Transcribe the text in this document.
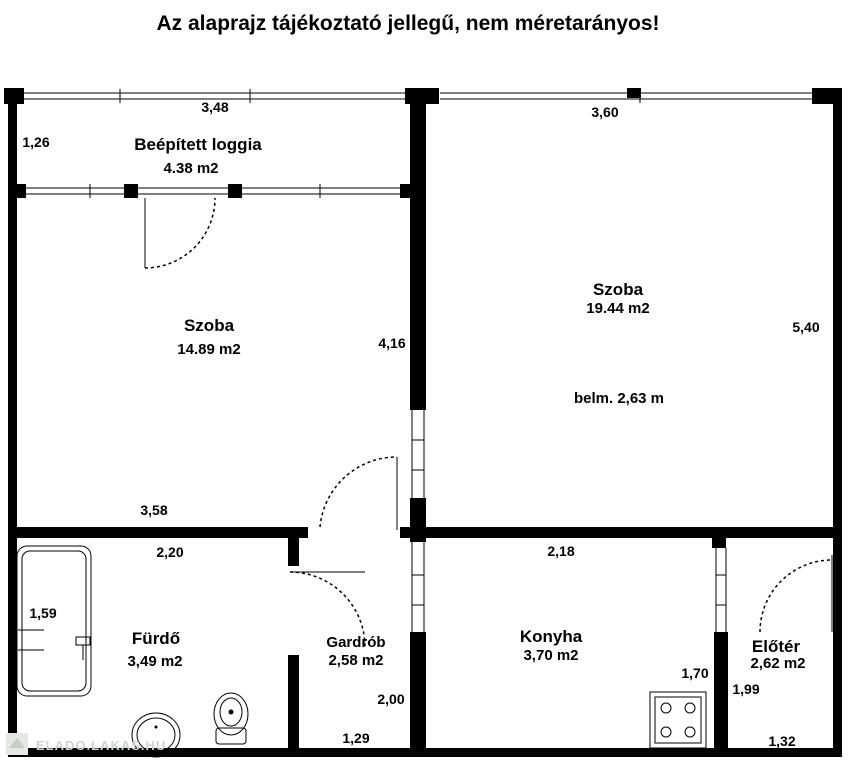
Az alaprajz tájékoztató jellegű, nem méretarányos!
ELADO.LAKAS.HU
Beépített loggia
4.38 m2
Szoba
14.89 m2
Szoba
19.44 m2
belm. 2,63 m
Fürdő
3,49 m2
Gardrób
2,58 m2
Konyha
3,70 m2	Előtér
2,62 m2
3,48
1,26
3,60
5,40
4,16
3,58
2,20
1,59
2,18
1,70
1,99
2,00
1,29	1,32
